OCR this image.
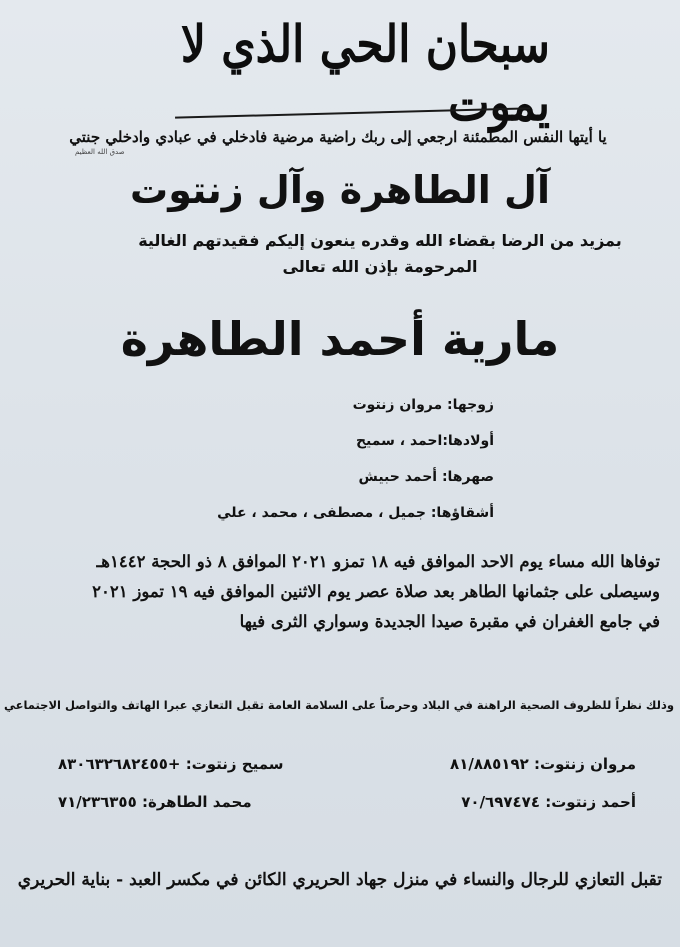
سبحان الحي الذي لا يموت
يا أيتها النفس المطمئنة ارجعي إلى ربك راضية مرضية فادخلي في عبادي وادخلي جنتي
صدق الله العظيم
آل الطاهرة وآل زنتوت
بمزيد من الرضا بقضاء الله وقدره ينعون إليكم فقيدتهم الغالية
المرحومة بإذن الله تعالى
مارية أحمد الطاهرة
زوجها: مروان زنتوت
أولادها:احمد ، سميح
صهرها: أحمد حبيش
أشقاؤها: جميل ، مصطفى ، محمد ، علي
توفاها الله مساء يوم الاحد الموافق فيه ١٨ تمزو ٢٠٢١ الموافق ٨ ذو الحجة ١٤٤٢هـ
وسيصلى على جثمانها الطاهر بعد صلاة عصر يوم الاثنين الموافق فيه ١٩ تموز ٢٠٢١
في جامع الغفران في مقبرة صيدا الجديدة وسواري الثرى فيها
وذلك نظراً للظروف الصحية الراهنة في البلاد وحرصاً على السلامة العامة تقبل التعازي عبرا الهاتف والتواصل الاجتماعي
مروان زنتوت: ٨١/٨٨٥١٩٢
سميح زنتوت: +٨٣٠٦٣٢٦٨٢٤٥٥
أحمد زنتوت: ٧٠/٦٩٧٤٧٤
محمد الطاهرة: ٧١/٢٣٦٣٥٥
تقبل التعازي للرجال والنساء في منزل جهاد الحريري الكائن في مكسر العبد - بناية الحريري
